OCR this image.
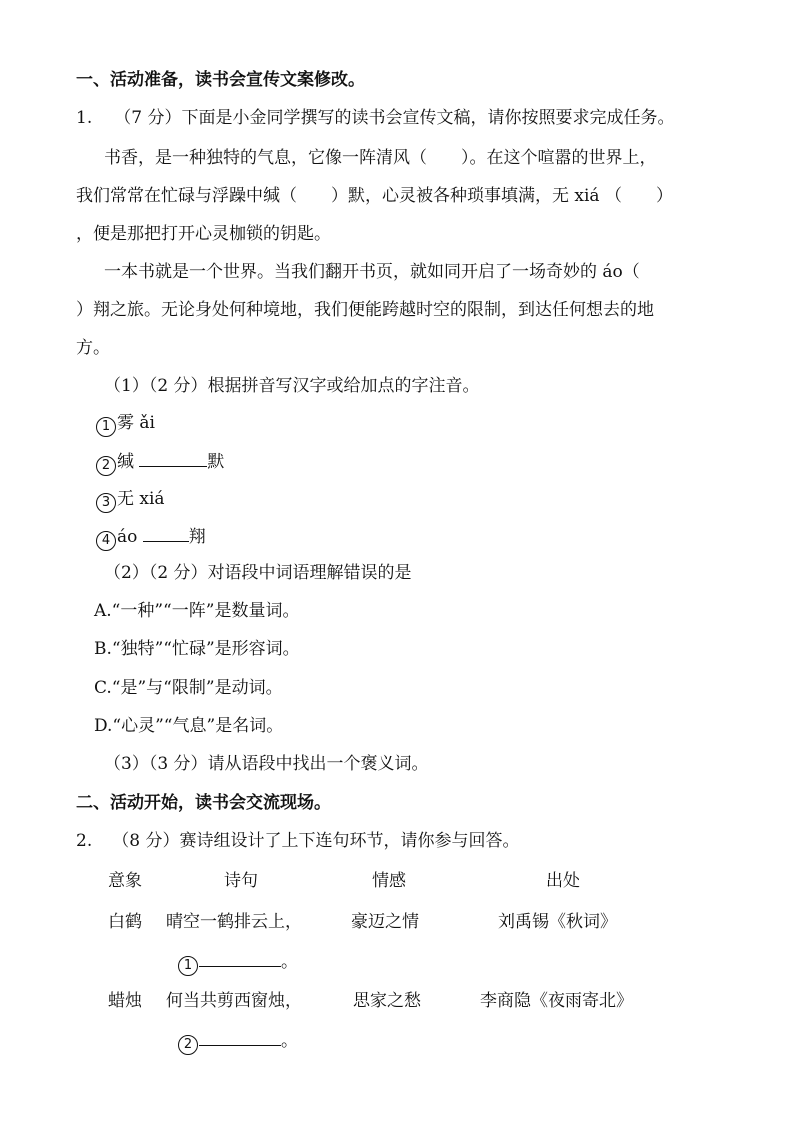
一、活动准备，读书会宣传文案修改。
1. （7 分）下面是小金同学撰写的读书会宣传文稿，请你按照要求完成任务。
书香，是一种独特的气息，它像一阵清风（　　）。在这个喧嚣的世界上，
我们常常在忙碌与浮躁中缄（　　）默，心灵被各种琐事填满，无 xiá （　　）
，便是那把打开心灵枷锁的钥匙。
一本书就是一个世界。当我们翻开书页，就如同开启了一场奇妙的 áo（
）翔之旅。无论身处何种境地，我们便能跨越时空的限制，到达任何想去的地
方。
（1）（2 分）根据拼音写汉字或给加点的字注音。
1 雾 ǎi
2 缄	默
3 无 xiá
4 áo	翔
（2）（2 分）对语段中词语理解错误的是
A.“一种”“一阵”是数量词。
B.“独特”“忙碌”是形容词。
C.“是”与“限制”是动词。
D.“心灵”“气息”是名词。
（3）（3 分）请从语段中找出一个褒义词。
二、活动开始，读书会交流现场。
2. （8 分）赛诗组设计了上下连句环节，请你参与回答。
意象	诗句	情感	出处
白鹤 晴空一鹤排云上，	豪迈之情	刘禹锡《秋词》
1	。
蜡烛 何当共剪西窗烛，	思家之愁	李商隐《夜雨寄北》
2	。
